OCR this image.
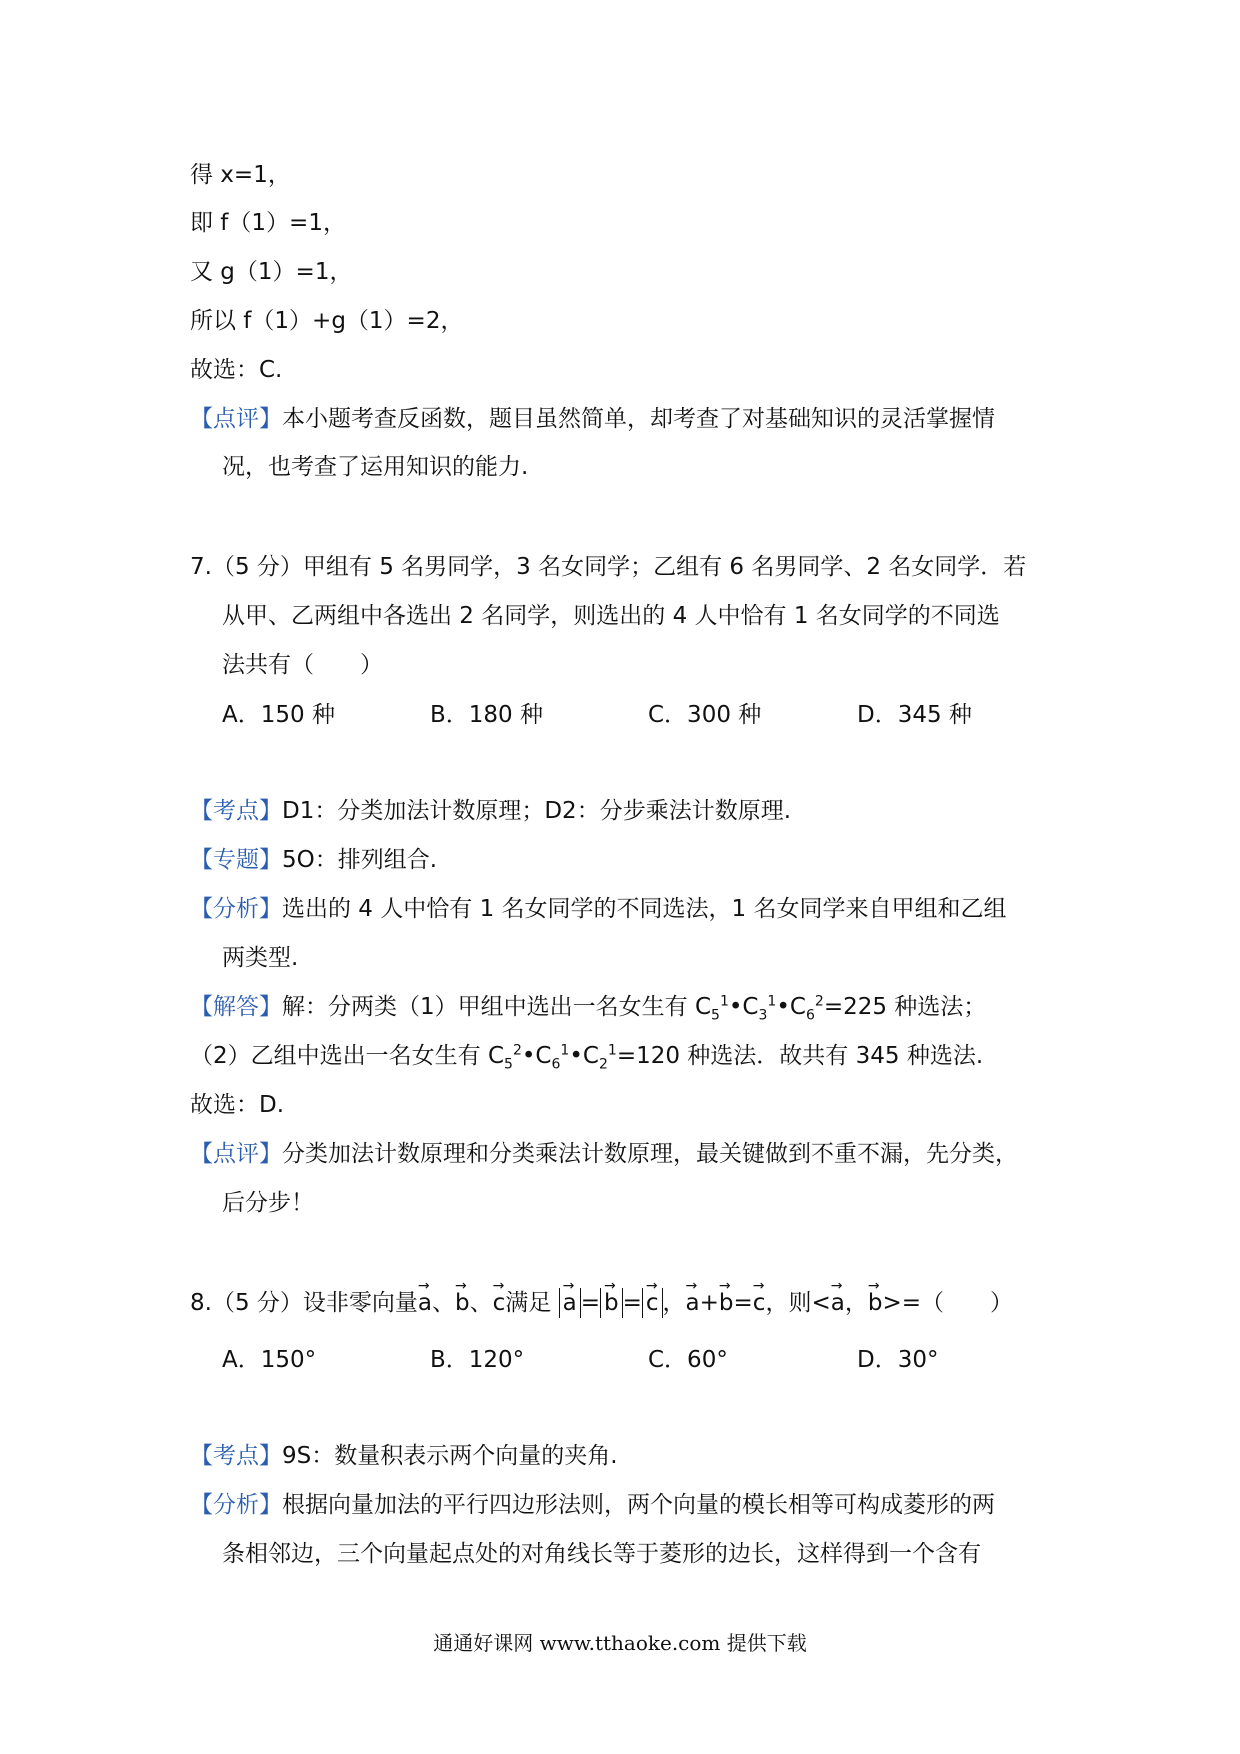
得 x=1，
即 f（1）=1，
又 g（1）=1，
所以 f（1）+g（1）=2，
故选：C.
【点评】本小题考查反函数，题目虽然简单，却考查了对基础知识的灵活掌握情
况，也考查了运用知识的能力.
7.（5 分）甲组有 5 名男同学，3 名女同学；乙组有 6 名男同学、2 名女同学．若
从甲、乙两组中各选出 2 名同学，则选出的 4 人中恰有 1 名女同学的不同选
法共有（　　）
A．150 种	B．180 种	C．300 种	D．345 种
【考点】D1：分类加法计数原理；D2：分步乘法计数原理.
【专题】5O：排列组合.
【分析】选出的 4 人中恰有 1 名女同学的不同选法，1 名女同学来自甲组和乙组
两类型.
【解答】解：分两类（1）甲组中选出一名女生有 $C_5^1•C_3^1•C_6^2=225$ 种选法；
（2）乙组中选出一名女生有 $C_5^2•C_6^1•C_2^1=120$ 种选法．故共有 345 种选法.
故选：D.
【点评】分类加法计数原理和分类乘法计数原理，最关键做到不重不漏，先分类，
后分步！
8.（5 分）设非零向量→ a、→ b、→ c满足 → a = → b = → c ，→ a+→ b=→ c，则<→ a，→ b>=（　　）
A．150°	B．120°	C．60°	D．30°
【考点】9S：数量积表示两个向量的夹角.
【分析】根据向量加法的平行四边形法则，两个向量的模长相等可构成菱形的两
条相邻边，三个向量起点处的对角线长等于菱形的边长，这样得到一个含有
通通好课网 www.tthaoke.com 提供下载
